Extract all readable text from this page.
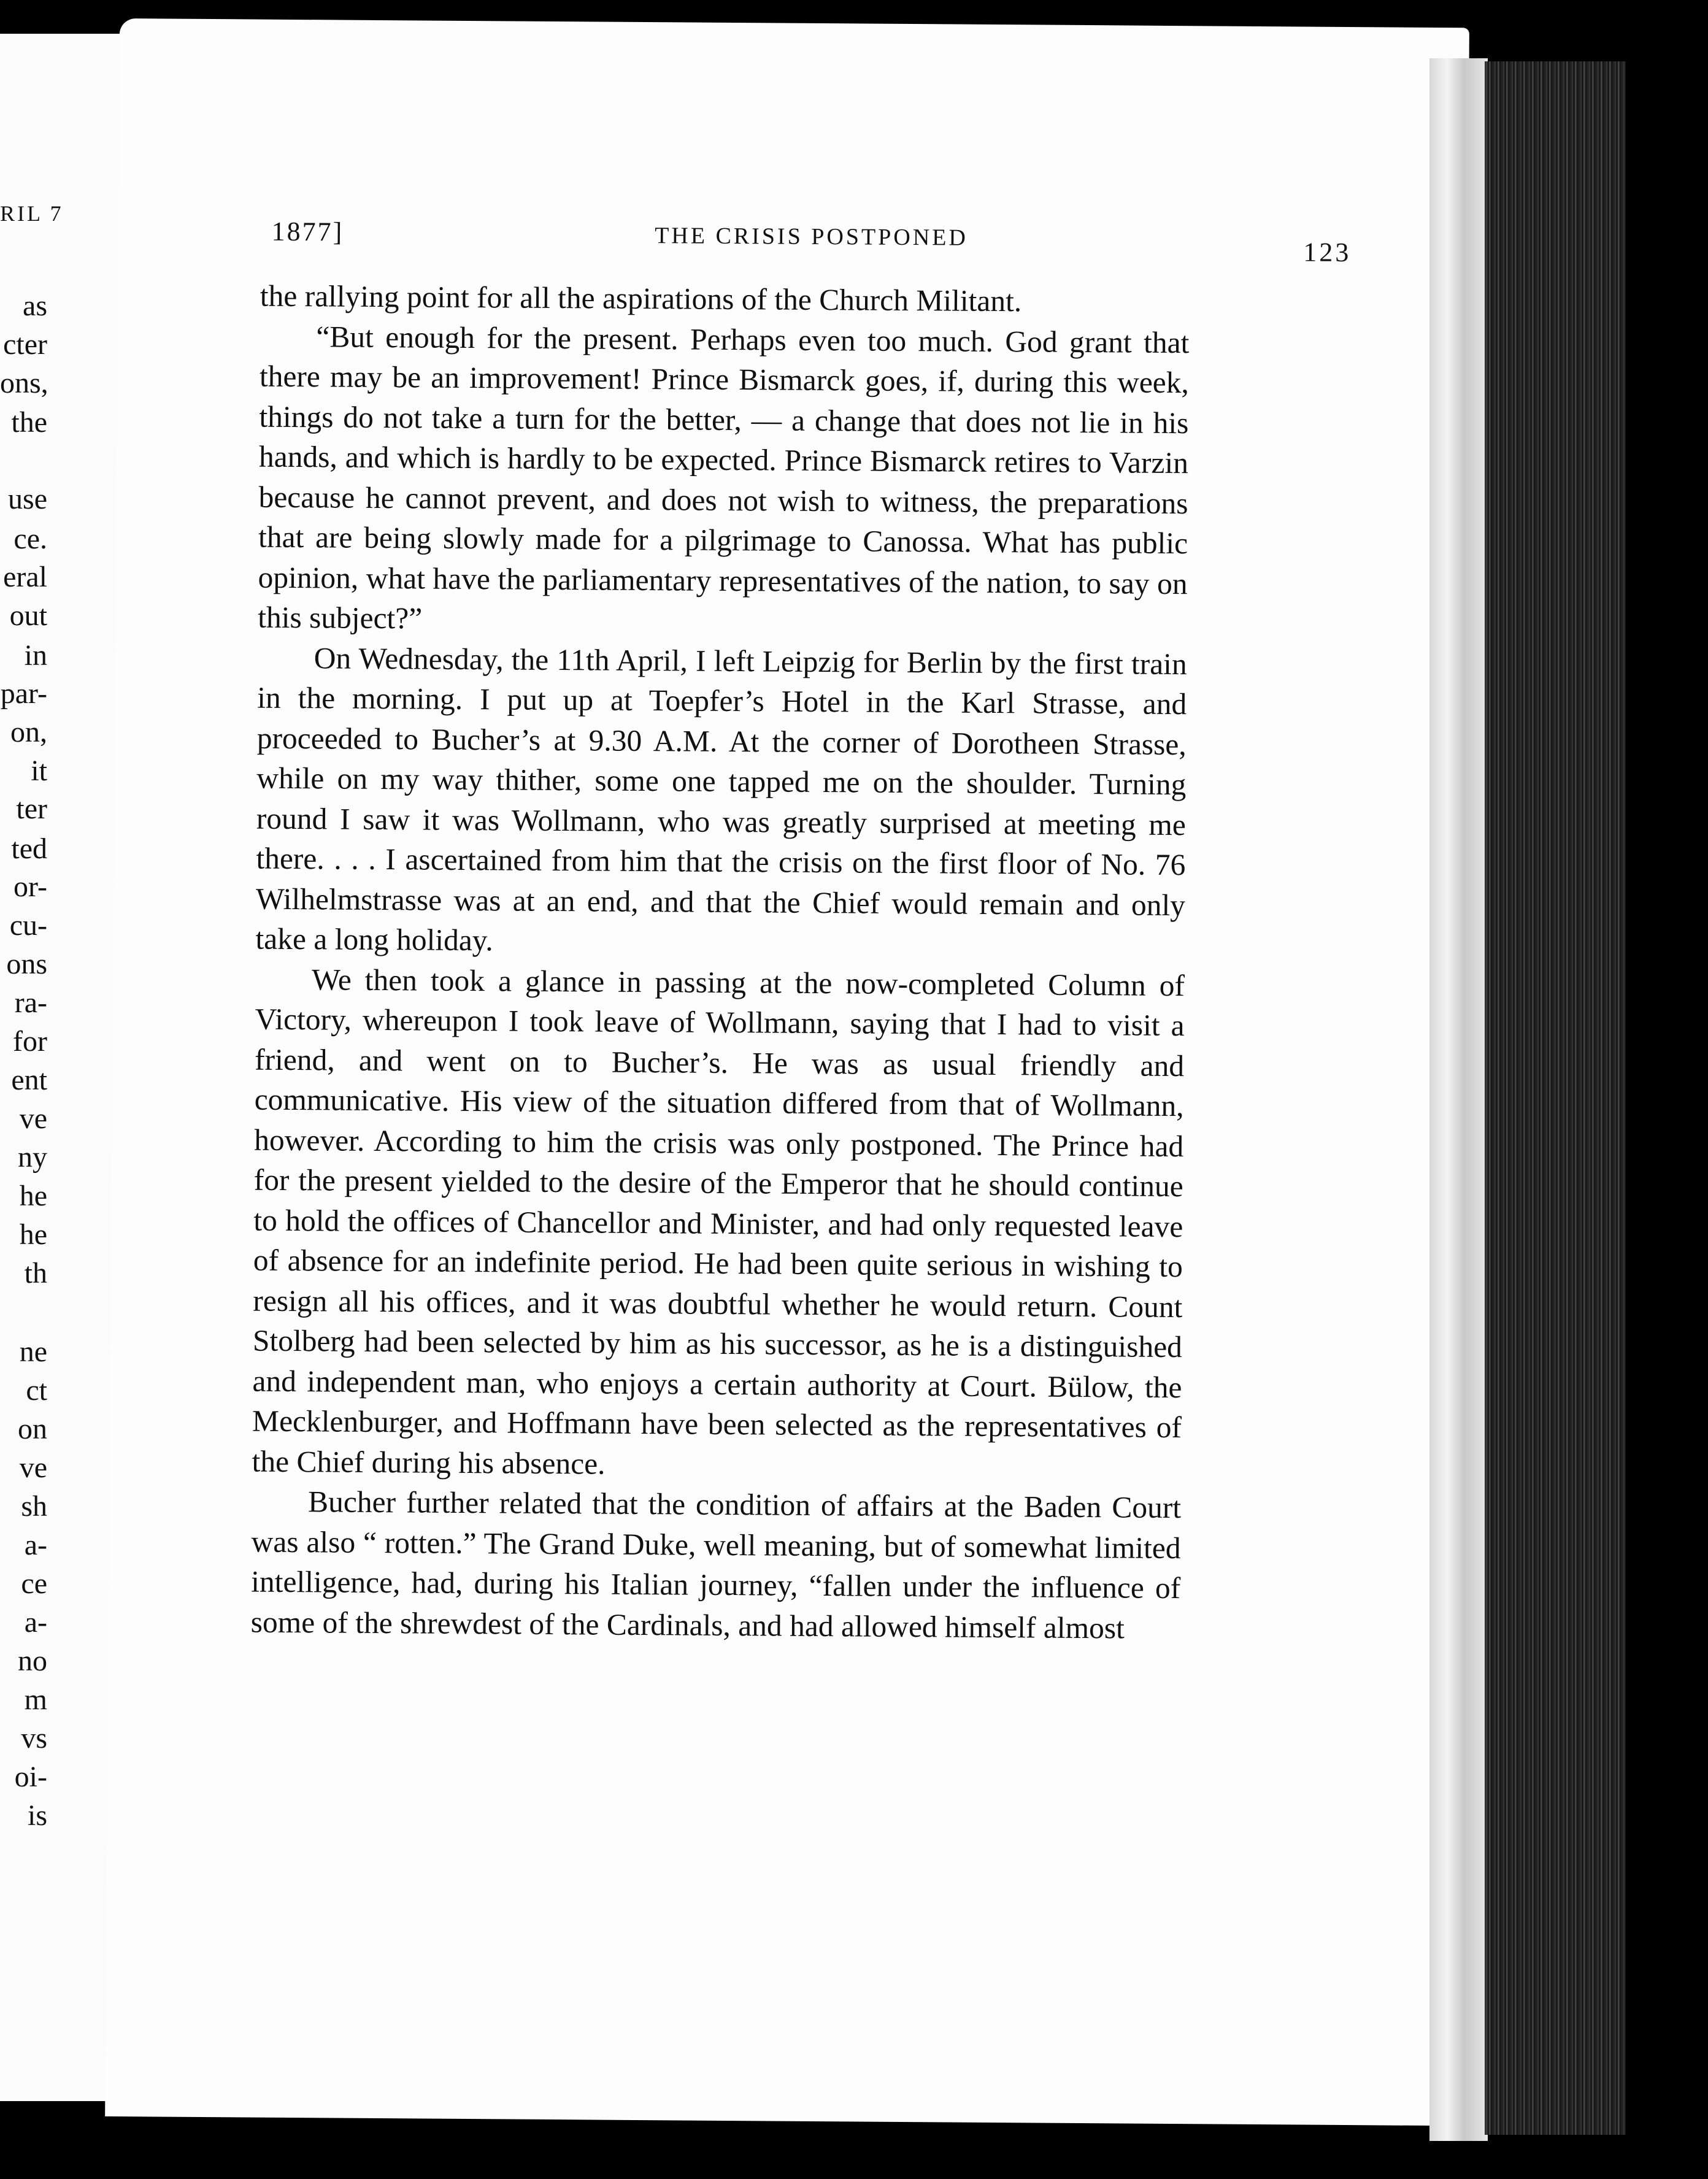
RIL 7
as
cter
ons,
the
use
ce.
eral
out
in
par-
on,
it
ter
ted
or-
cu-
ons
ra-
for
ent
ve
ny
he
he
th
ne
ct
on
ve
sh
a-
ce
a-
no
m
vs
oi-
is
1877]	THE CRISIS POSTPONED
123

the rallying point for all the aspirations of the Church Militant.

“But enough for the present. Perhaps even too much. God grant that there may be an improvement! Prince Bismarck goes, if, during this week, things do not take a turn for the better, — a change that does not lie in his hands, and which is hardly to be expected. Prince Bismarck retires to Varzin because he cannot prevent, and does not wish to witness, the preparations that are being slowly made for a pilgrimage to Canossa. What has public opinion, what have the parliamentary representatives of the nation, to say on this subject?”

On Wednesday, the 11th April, I left Leipzig for Berlin by the first train in the morning. I put up at Toepfer’s Hotel in the Karl Strasse, and proceeded to Bucher’s at 9.30 A.M. At the corner of Dorotheen Strasse, while on my way thither, some one tapped me on the shoulder. Turning round I saw it was Wollmann, who was greatly surprised at meeting me there. . . . I ascertained from him that the crisis on the first floor of No. 76 Wilhelmstrasse was at an end, and that the Chief would remain and only take a long holiday.

We then took a glance in passing at the now-completed Column of Victory, whereupon I took leave of Wollmann, saying that I had to visit a friend, and went on to Bucher’s. He was as usual friendly and communicative. His view of the situation differed from that of Wollmann, however. According to him the crisis was only postponed. The Prince had for the present yielded to the desire of the Emperor that he should continue to hold the offices of Chancellor and Minister, and had only requested leave of absence for an indefinite period. He had been quite serious in wishing to resign all his offices, and it was doubtful whether he would return. Count Stolberg had been selected by him as his successor, as he is a distinguished and independent man, who enjoys a certain authority at Court. Bülow, the Mecklenburger, and Hoffmann have been selected as the representatives of the Chief during his absence.

Bucher further related that the condition of affairs at the Baden Court was also “ rotten.” The Grand Duke, well meaning, but of somewhat limited intelligence, had, during his Italian journey, “fallen under the influence of some of the shrewdest of the Cardinals, and had allowed himself almost
